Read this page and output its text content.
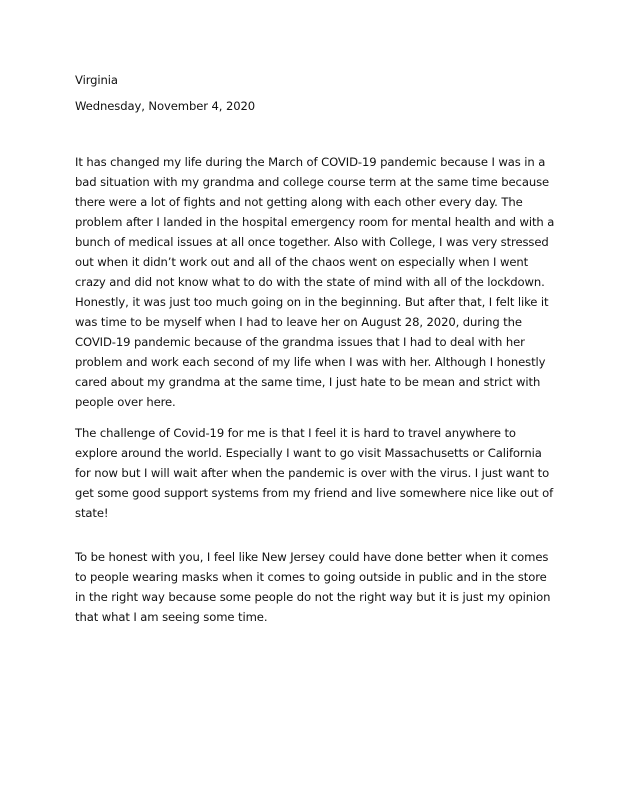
Virginia

Wednesday, November 4, 2020

It has changed my life during the March of COVID-19 pandemic because I was in a bad situation with my grandma and college course term at the same time because there were a lot of fights and not getting along with each other every day. The problem after I landed in the hospital emergency room for mental health and with a bunch of medical issues at all once together. Also with College, I was very stressed out when it didn’t work out and all of the chaos went on especially when I went crazy and did not know what to do with the state of mind with all of the lockdown. Honestly, it was just too much going on in the beginning. But after that, I felt like it was time to be myself when I had to leave her on August 28, 2020, during the COVID-19 pandemic because of the grandma issues that I had to deal with her problem and work each second of my life when I was with her. Although I honestly cared about my grandma at the same time, I just hate to be mean and strict with people over here.

The challenge of Covid-19 for me is that I feel it is hard to travel anywhere to explore around the world. Especially I want to go visit Massachusetts or California for now but I will wait after when the pandemic is over with the virus. I just want to get some good support systems from my friend and live somewhere nice like out of state!

To be honest with you, I feel like New Jersey could have done better when it comes to people wearing masks when it comes to going outside in public and in the store in the right way because some people do not the right way but it is just my opinion that what I am seeing some time.
